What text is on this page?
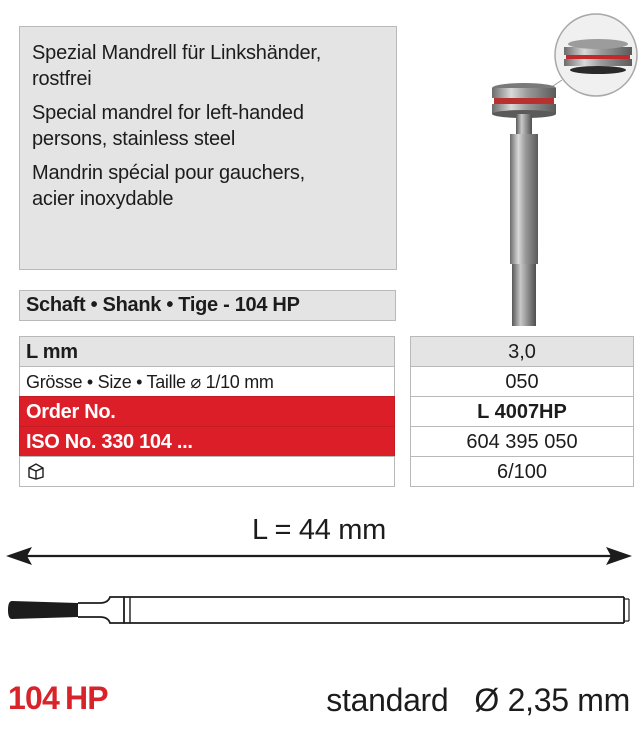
Spezial Mandrell für Linkshänder,
rostfrei

Special mandrel for left-handed
persons, stainless steel

Mandrin spécial pour gauchers,
acier inoxydable

Schaft • Shank • Tige - 104 HP
L mm
Grösse • Size • Taille ⌀ 1/10 mm
Order No.
ISO No. 330 104 ...
3,0
050
L 4007HP
604 395 050
6/100
L = 44 mm
104 HP	standard Ø 2,35 mm
